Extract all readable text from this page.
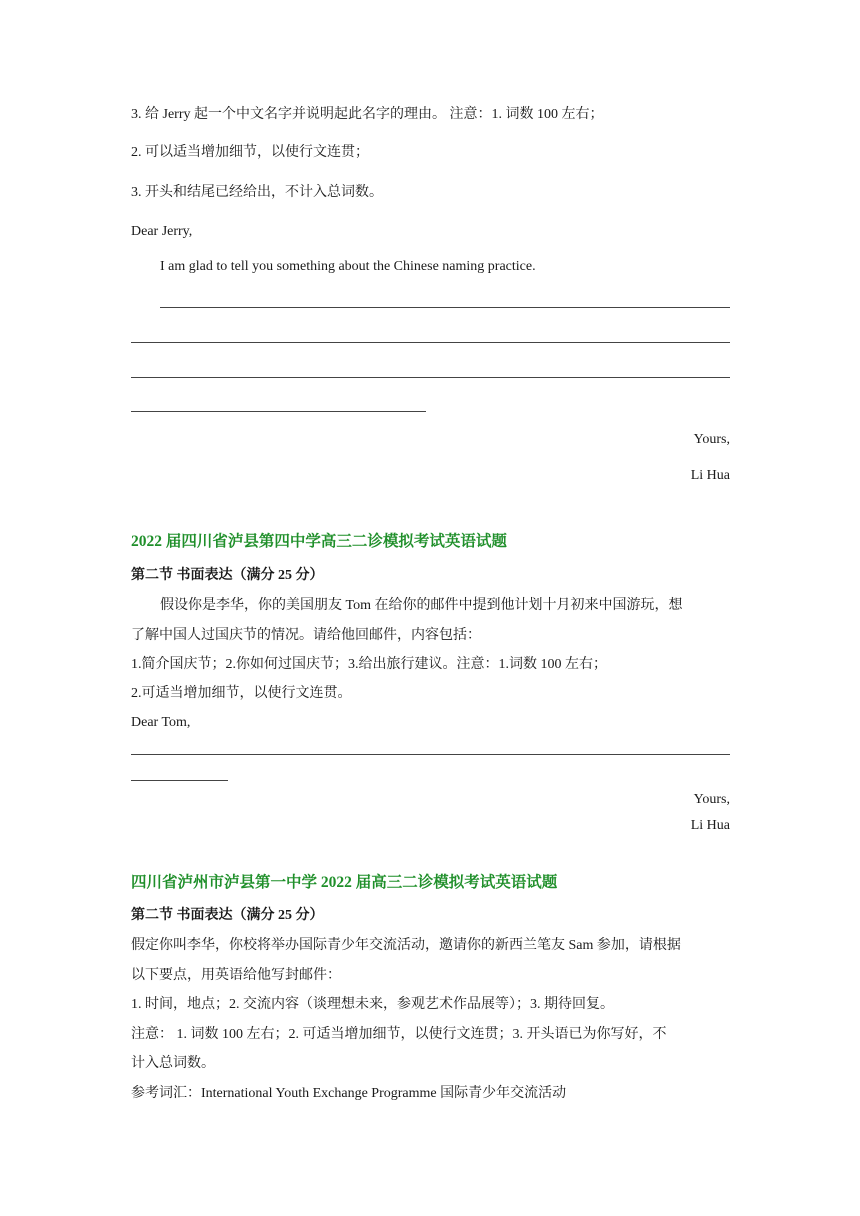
3. 给 Jerry 起一个中文名字并说明起此名字的理由。 注意：1. 词数 100 左右；
2. 可以适当增加细节，以使行文连贯；
3. 开头和结尾已经给出，不计入总词数。
Dear Jerry,
I am glad to tell you something about the Chinese naming practice.
Yours,
Li Hua
2022 届四川省泸县第四中学高三二诊模拟考试英语试题
第二节 书面表达（满分 25 分）
假设你是李华，你的美国朋友 Tom 在给你的邮件中提到他计划十月初来中国游玩，想
了解中国人过国庆节的情况。请给他回邮件，内容包括：
1.简介国庆节；2.你如何过国庆节；3.给出旅行建议。注意：1.词数 100 左右；
2.可适当增加细节，以使行文连贯。
Dear Tom,
Yours,
Li Hua
四川省泸州市泸县第一中学 2022 届高三二诊模拟考试英语试题
第二节 书面表达（满分 25 分）
假定你叫李华，你校将举办国际青少年交流活动，邀请你的新西兰笔友 Sam 参加，请根据
以下要点，用英语给他写封邮件：
1. 时间，地点；2. 交流内容（谈理想未来，参观艺术作品展等）；3. 期待回复。
注意： 1. 词数 100 左右；2. 可适当增加细节，以使行文连贯；3. 开头语已为你写好，不
计入总词数。
参考词汇：International Youth Exchange Programme 国际青少年交流活动
